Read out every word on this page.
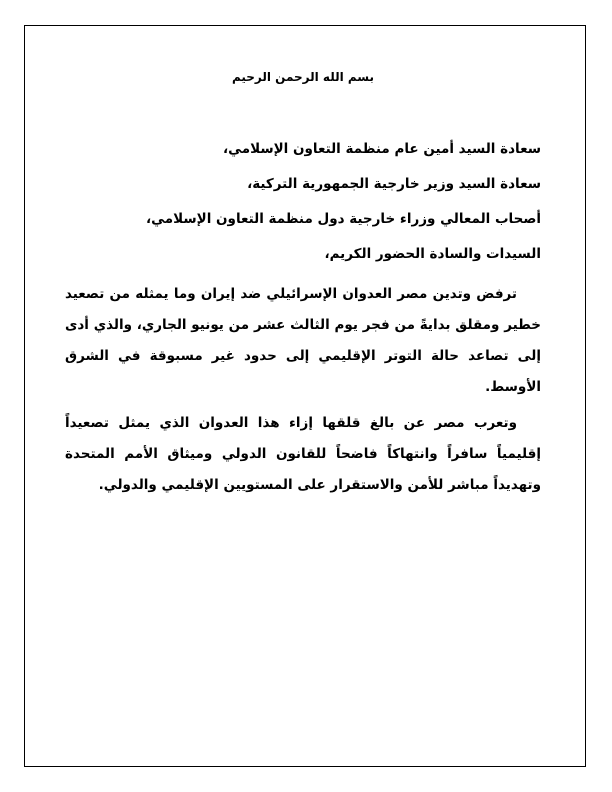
بسم الله الرحمن الرحيم

سعادة السيد أمين عام منظمة التعاون الإسلامي،

سعادة السيد وزير خارجية الجمهورية التركية،

أصحاب المعالي وزراء خارجية دول منظمة التعاون الإسلامي،

السيدات والسادة الحضور الكريم،

ترفض وتدين مصر العدوان الإسرائيلي ضد إيران وما يمثله من تصعيد خطير ومقلق بدايةً من فجر يوم الثالث عشر من يونيو الجاري، والذي أدى إلى تصاعد حالة التوتر الإقليمي إلى حدود غير مسبوقة في الشرق الأوسط.

وتعرب مصر عن بالغ قلقها إزاء هذا العدوان الذي يمثل تصعيداً إقليمياً سافراً وانتهاكاً فاضحاً للقانون الدولي وميثاق الأمم المتحدة وتهديداً مباشر للأمن والاستقرار على المستويين الإقليمي والدولي.
